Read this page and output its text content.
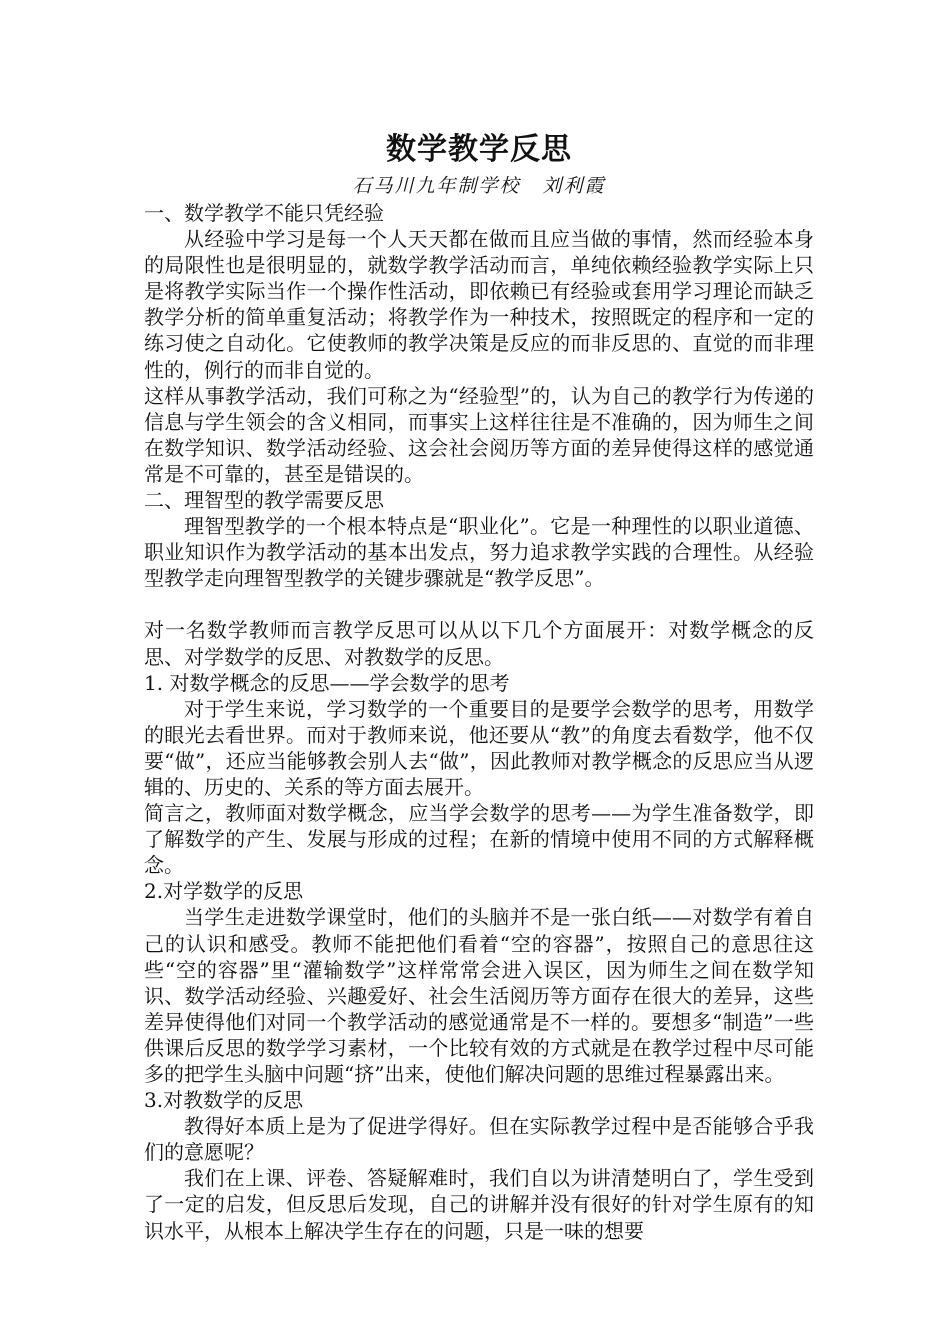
数学教学反思

石马川九年制学校 刘利霞

一、数学教学不能只凭经验

从经验中学习是每一个人天天都在做而且应当做的事情，然而经验本身的局限性也是很明显的，就数学教学活动而言，单纯依赖经验教学实际上只是将教学实际当作一个操作性活动，即依赖已有经验或套用学习理论而缺乏教学分析的简单重复活动；将教学作为一种技术，按照既定的程序和一定的练习使之自动化。它使教师的教学决策是反应的而非反思的、直觉的而非理性的，例行的而非自觉的。

这样从事教学活动，我们可称之为“经验型”的，认为自己的教学行为传递的信息与学生领会的含义相同，而事实上这样往往是不准确的，因为师生之间在数学知识、数学活动经验、这会社会阅历等方面的差异使得这样的感觉通常是不可靠的，甚至是错误的。

二、理智型的教学需要反思

理智型教学的一个根本特点是“职业化”。它是一种理性的以职业道德、职业知识作为教学活动的基本出发点，努力追求教学实践的合理性。从经验型教学走向理智型教学的关键步骤就是“教学反思”。

对一名数学教师而言教学反思可以从以下几个方面展开：对数学概念的反思、对学数学的反思、对教数学的反思。

1. 对数学概念的反思——学会数学的思考

对于学生来说，学习数学的一个重要目的是要学会数学的思考，用数学的眼光去看世界。而对于教师来说，他还要从“教”的角度去看数学，他不仅要“做”，还应当能够教会别人去“做”，因此教师对教学概念的反思应当从逻辑的、历史的、关系的等方面去展开。

简言之，教师面对数学概念，应当学会数学的思考——为学生准备数学，即了解数学的产生、发展与形成的过程；在新的情境中使用不同的方式解释概念。

2.对学数学的反思

当学生走进数学课堂时，他们的头脑并不是一张白纸——对数学有着自己的认识和感受。教师不能把他们看着“空的容器”，按照自己的意思往这些“空的容器”里“灌输数学”这样常常会进入误区，因为师生之间在数学知识、数学活动经验、兴趣爱好、社会生活阅历等方面存在很大的差异，这些差异使得他们对同一个教学活动的感觉通常是不一样的。要想多“制造”一些供课后反思的数学学习素材，一个比较有效的方式就是在教学过程中尽可能多的把学生头脑中问题“挤”出来，使他们解决问题的思维过程暴露出来。

3.对教数学的反思

教得好本质上是为了促进学得好。但在实际教学过程中是否能够合乎我们的意愿呢？

我们在上课、评卷、答疑解难时，我们自以为讲清楚明白了，学生受到了一定的启发，但反思后发现，自己的讲解并没有很好的针对学生原有的知识水平，从根本上解决学生存在的问题，只是一味的想要
